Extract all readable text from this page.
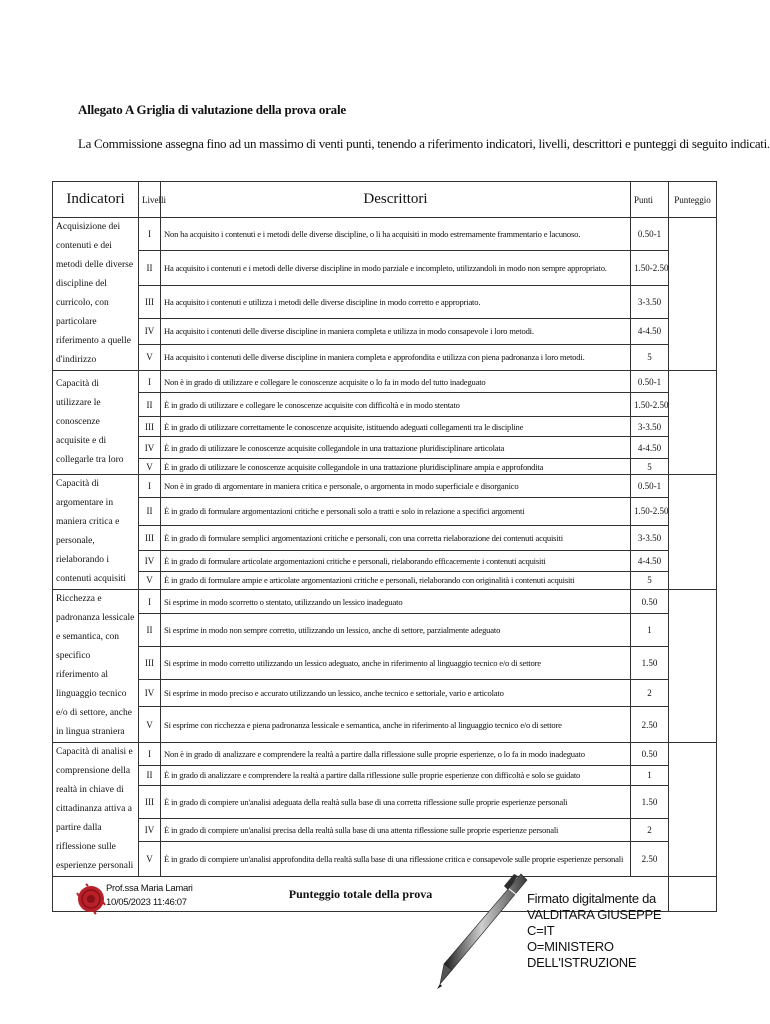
Allegato A Griglia di valutazione della prova orale
La Commissione assegna fino ad un massimo di venti punti, tenendo a riferimento indicatori, livelli, descrittori e punteggi di seguito indicati.
Indicatori	Livelli	Descrittori	Punti	Punteggio
Acquisizione dei contenuti e dei metodi delle diverse discipline del curricolo, con particolare riferimento a quelle d'indirizzo	I	Non ha acquisito i contenuti e i metodi delle diverse discipline, o li ha acquisiti in modo estremamente frammentario e lacunoso.	0.50-1	
	II	Ha acquisito i contenuti e i metodi delle diverse discipline in modo parziale e incompleto, utilizzandoli in modo non sempre appropriato.	1.50-2.50	
	III	Ha acquisito i contenuti e utilizza i metodi delle diverse discipline in modo corretto e appropriato.	3-3.50	
	IV	Ha acquisito i contenuti delle diverse discipline in maniera completa e utilizza in modo consapevole i loro metodi.	4-4.50	
	V	Ha acquisito i contenuti delle diverse discipline in maniera completa e approfondita e utilizza con piena padronanza i loro metodi.	5	
Capacità di utilizzare le conoscenze acquisite e di collegarle tra loro	I	Non è in grado di utilizzare e collegare le conoscenze acquisite o lo fa in modo del tutto inadeguato	0.50-1	
	II	È in grado di utilizzare e collegare le conoscenze acquisite con difficoltà e in modo stentato	1.50-2.50	
	III	È in grado di utilizzare correttamente le conoscenze acquisite, istituendo adeguati collegamenti tra le discipline	3-3.50	
	IV	È in grado di utilizzare le conoscenze acquisite collegandole in una trattazione pluridisciplinare articolata	4-4.50	
	V	È in grado di utilizzare le conoscenze acquisite collegandole in una trattazione pluridisciplinare ampia e approfondita	5	
Capacità di argomentare in maniera critica e personale, rielaborando i contenuti acquisiti	I	Non è in grado di argomentare in maniera critica e personale, o argomenta in modo superficiale e disorganico	0.50-1	
	II	È in grado di formulare argomentazioni critiche e personali solo a tratti e solo in relazione a specifici argomenti	1.50-2.50	
	III	È in grado di formulare semplici argomentazioni critiche e personali, con una corretta rielaborazione dei contenuti acquisiti	3-3.50	
	IV	È in grado di formulare articolate argomentazioni critiche e personali, rielaborando efficacemente i contenuti acquisiti	4-4.50	
	V	È in grado di formulare ampie e articolate argomentazioni critiche e personali, rielaborando con originalità i contenuti acquisiti	5	
Ricchezza e padronanza lessicale e semantica, con specifico riferimento al linguaggio tecnico e/o di settore, anche in lingua straniera	I	Si esprime in modo scorretto o stentato, utilizzando un lessico inadeguato	0.50	
	II	Si esprime in modo non sempre corretto, utilizzando un lessico, anche di settore, parzialmente adeguato	1	
	III	Si esprime in modo corretto utilizzando un lessico adeguato, anche in riferimento al linguaggio tecnico e/o di settore	1.50	
	IV	Si esprime in modo preciso e accurato utilizzando un lessico, anche tecnico e settoriale, vario e articolato	2	
	V	Si esprime con ricchezza e piena padronanza lessicale e semantica, anche in riferimento al linguaggio tecnico e/o di settore	2.50	
Capacità di analisi e comprensione della realtà in chiave di cittadinanza attiva a partire dalla riflessione sulle esperienze personali	I	Non è in grado di analizzare e comprendere la realtà a partire dalla riflessione sulle proprie esperienze, o lo fa in modo inadeguato	0.50	
	II	È in grado di analizzare e comprendere la realtà a partire dalla riflessione sulle proprie esperienze con difficoltà e solo se guidato	1	
	III	È in grado di compiere un'analisi adeguata della realtà sulla base di una corretta riflessione sulle proprie esperienze personali	1.50	
	IV	È in grado di compiere un'analisi precisa della realtà sulla base di una attenta riflessione sulle proprie esperienze personali	2	
	V	È in grado di compiere un'analisi approfondita della realtà sulla base di una riflessione critica e consapevole sulle proprie esperienze personali	2.50	
Punteggio totale della prova				
Prof.ssa Maria Lamari
10/05/2023 11:46:07	Firmato digitalmente da
VALDITARA GIUSEPPE
C=IT
O=MINISTERO
DELL'ISTRUZIONE
